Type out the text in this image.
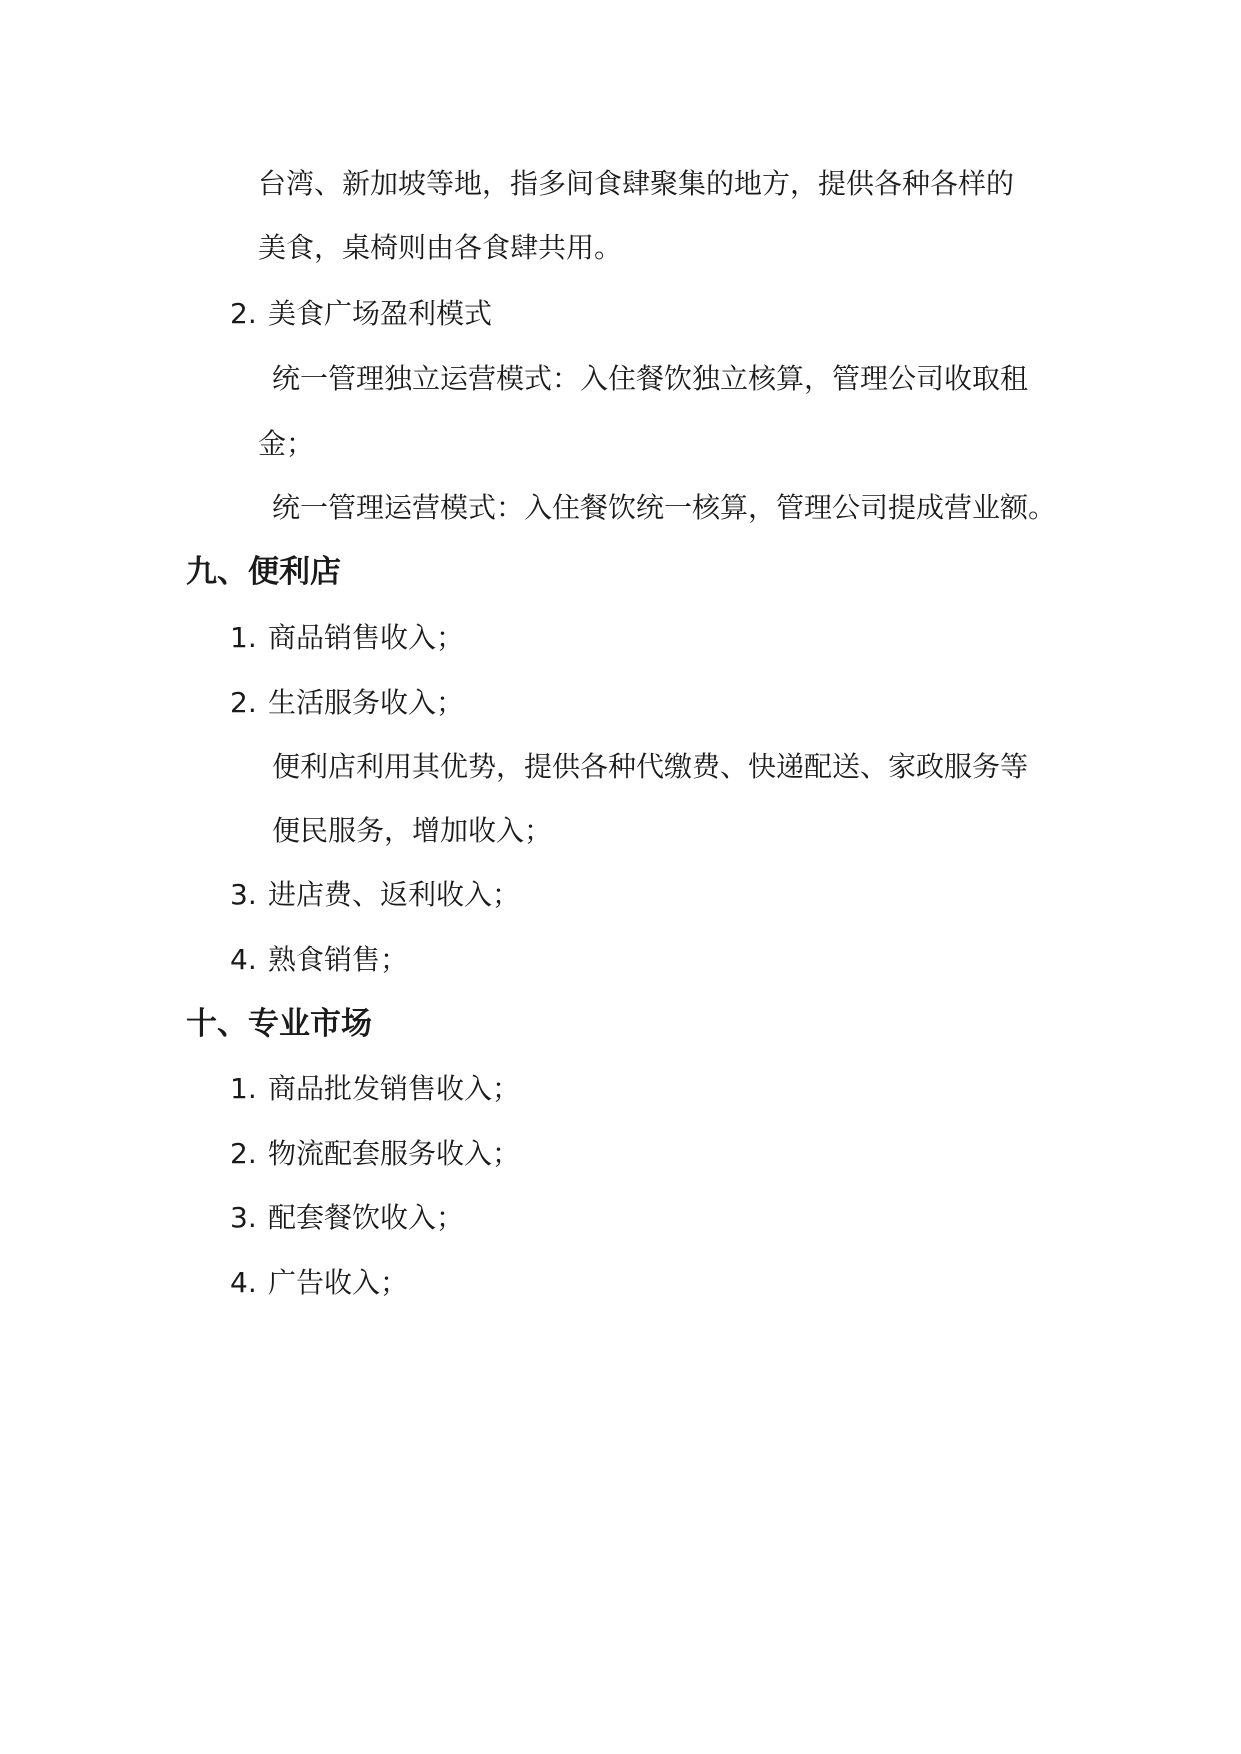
台湾、新加坡等地，指多间食肆聚集的地方，提供各种各样的
美食，桌椅则由各食肆共用。
2. 美食广场盈利模式
统一管理独立运营模式：入住餐饮独立核算，管理公司收取租
金；
统一管理运营模式：入住餐饮统一核算，管理公司提成营业额。
九、便利店
1. 商品销售收入；
2. 生活服务收入；
便利店利用其优势，提供各种代缴费、快递配送、家政服务等
便民服务，增加收入；
3. 进店费、返利收入；
4. 熟食销售；
十、专业市场
1. 商品批发销售收入；
2. 物流配套服务收入；
3. 配套餐饮收入；
4. 广告收入；
